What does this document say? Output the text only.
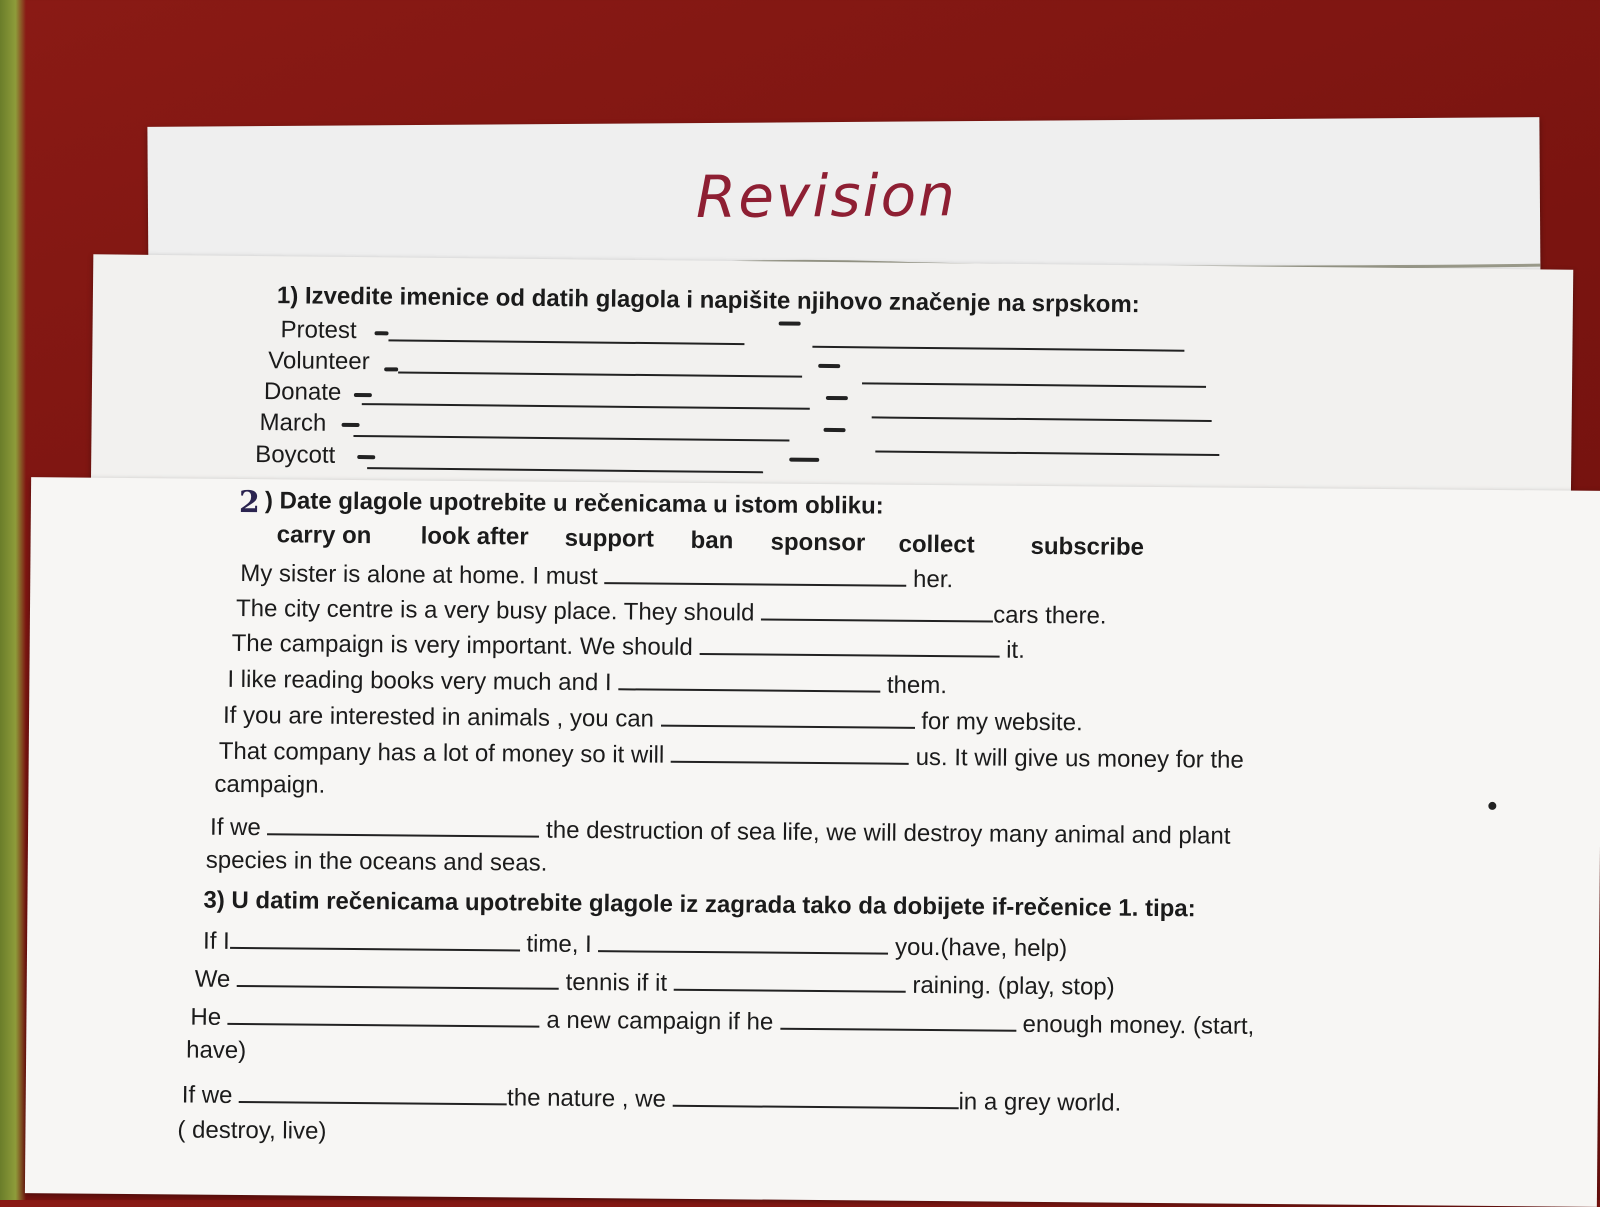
Revision
1) Izvedite imenice od datih glagola i napišite njihovo značenje na srpskom:
Protest
Volunteer
Donate
March
Boycott
2 ) Date glagole upotrebite u rečenicama u istom obliku:
carry on look after support ban sponsor collect subscribe
My sister is alone at home. I must	her.
The city centre is a very busy place. They should	cars there.
The campaign is very important. We should	it.
I like reading books very much and I	them.
If you are interested in animals , you can	for my website.
That company has a lot of money so it will	us. It will give us money for the
campaign.
If we	the destruction of sea life, we will destroy many animal and plant
species in the oceans and seas.
3) U datim rečenicama upotrebite glagole iz zagrada tako da dobijete if-rečenice 1. tipa:
If I	time, I	you.(have, help)
We	tennis if it	raining. (play, stop)
He	a new campaign if he	enough money. (start,
have)
If we	the nature , we	in a grey world.
( destroy, live)
